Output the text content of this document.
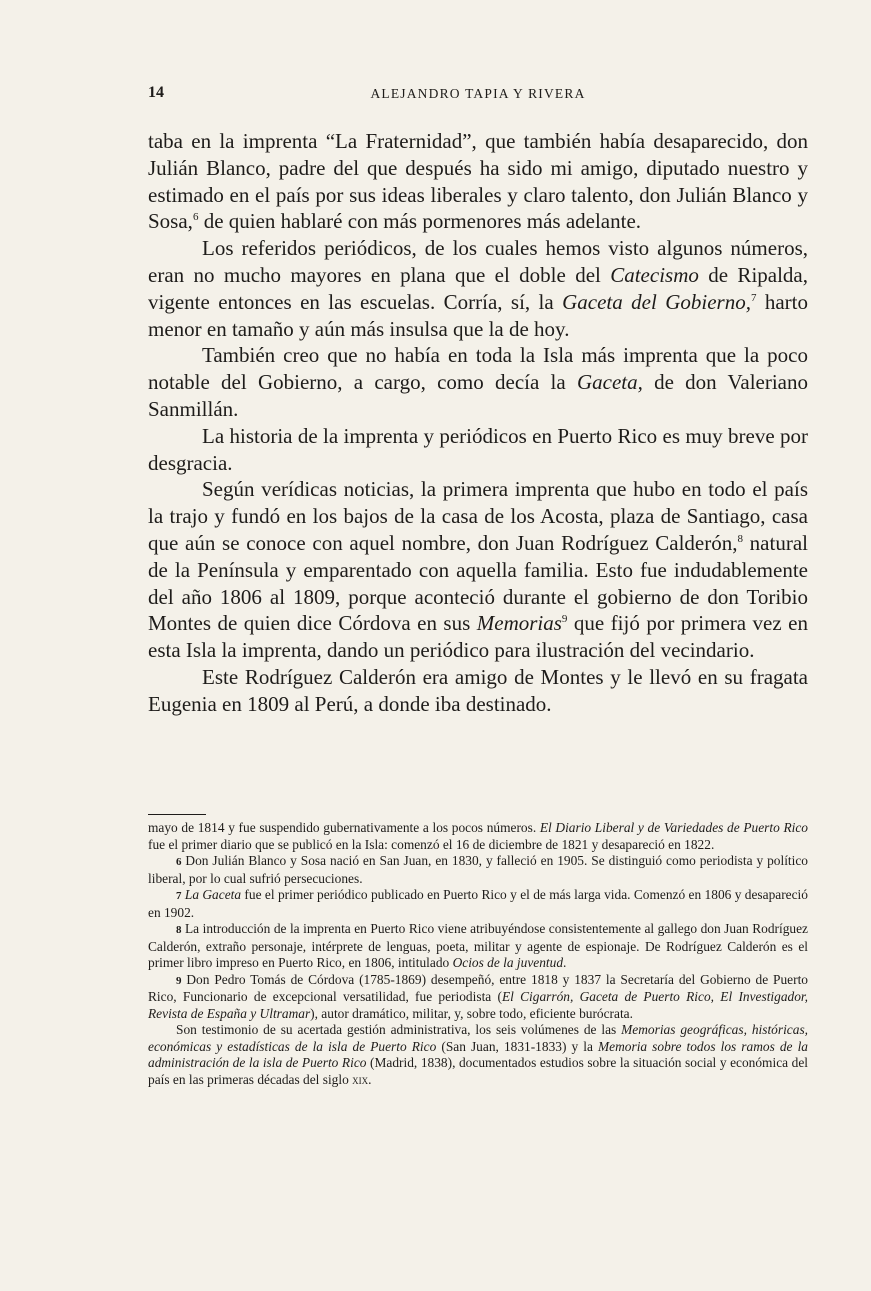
14	ALEJANDRO TAPIA Y RIVERA

taba en la imprenta “La Fraternidad”, que también había desaparecido, don Julián Blanco, padre del que después ha sido mi amigo, diputado nuestro y estimado en el país por sus ideas liberales y claro talento, don Julián Blanco y Sosa,$^6$ de quien hablaré con más pormenores más adelante.

Los referidos periódicos, de los cuales hemos visto algunos números, eran no mucho mayores en plana que el doble del Catecismo de Ripalda, vigente entonces en las escuelas. Corría, sí, la Gaceta del Gobierno,$^7$ harto menor en tamaño y aún más insulsa que la de hoy.

También creo que no había en toda la Isla más imprenta que la poco notable del Gobierno, a cargo, como decía la Gaceta, de don Valeriano Sanmillán.

La historia de la imprenta y periódicos en Puerto Rico es muy breve por desgracia.

Según verídicas noticias, la primera imprenta que hubo en todo el país la trajo y fundó en los bajos de la casa de los Acosta, plaza de Santiago, casa que aún se conoce con aquel nombre, don Juan Rodríguez Calderón,$^8$ natural de la Península y emparentado con aquella familia. Esto fue indudablemente del año 1806 al 1809, porque aconteció durante el gobierno de don Toribio Montes de quien dice Córdova en sus Memorias$^9$ que fijó por primera vez en esta Isla la imprenta, dando un periódico para ilustración del vecindario.

Este Rodríguez Calderón era amigo de Montes y le llevó en su fragata Eugenia en 1809 al Perú, a donde iba destinado.

mayo de 1814 y fue suspendido gubernativamente a los pocos números. El Diario Liberal y de Variedades de Puerto Rico fue el primer diario que se publicó en la Isla: comenzó el 16 de diciembre de 1821 y desapareció en 1822.

6 Don Julián Blanco y Sosa nació en San Juan, en 1830, y falleció en 1905. Se distinguió como periodista y político liberal, por lo cual sufrió persecuciones.

7 La Gaceta fue el primer periódico publicado en Puerto Rico y el de más larga vida. Comenzó en 1806 y desapareció en 1902.

8 La introducción de la imprenta en Puerto Rico viene atribuyéndose consistentemente al gallego don Juan Rodríguez Calderón, extraño personaje, intérprete de lenguas, poeta, militar y agente de espionaje. De Rodríguez Calderón es el primer libro impreso en Puerto Rico, en 1806, intitulado Ocios de la juventud.

9 Don Pedro Tomás de Córdova (1785-1869) desempeñó, entre 1818 y 1837 la Secretaría del Gobierno de Puerto Rico, Funcionario de excepcional versatilidad, fue periodista (El Cigarrón, Gaceta de Puerto Rico, El Investigador, Revista de España y Ultramar), autor dramático, militar, y, sobre todo, eficiente burócrata.

Son testimonio de su acertada gestión administrativa, los seis volúmenes de las Memorias geográficas, históricas, económicas y estadísticas de la isla de Puerto Rico (San Juan, 1831-1833) y la Memoria sobre todos los ramos de la administración de la isla de Puerto Rico (Madrid, 1838), documentados estudios sobre la situación social y económica del país en las primeras décadas del siglo xix.
